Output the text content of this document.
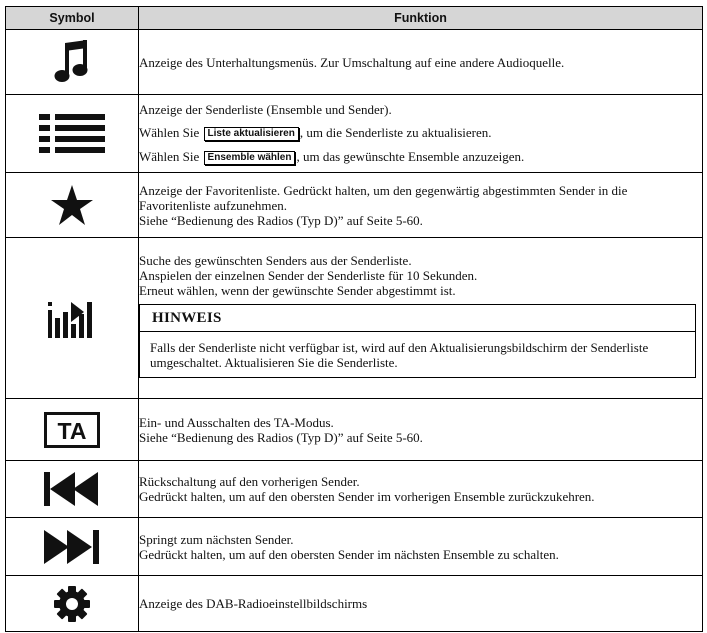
Symbol	Funktion

Anzeige des Unterhaltungsmenüs. Zur Umschaltung auf eine andere Audioquelle.

Anzeige der Senderliste (Ensemble und Sender).
Wählen Sie Liste aktualisieren , um die Senderliste zu aktualisieren.
Wählen Sie Ensemble wählen , um das gewünschte Ensemble anzuzeigen.

Anzeige der Favoritenliste. Gedrückt halten, um den gegenwärtig abgestimmten Sender in die Favoritenliste aufzunehmen.
Siehe “Bedienung des Radios (Typ D)” auf Seite 5-60.

Suche des gewünschten Senders aus der Senderliste.
Anspielen der einzelnen Sender der Senderliste für 10 Sekunden.
Erneut wählen, wenn der gewünschte Sender abgestimmt ist.
HINWEIS
Falls der Senderliste nicht verfügbar ist, wird auf den Aktualisierungsbildschirm der Senderliste umgeschaltet. Aktualisieren Sie die Senderliste.

TA	Ein- und Ausschalten des TA-Modus.
Siehe “Bedienung des Radios (Typ D)” auf Seite 5-60.

Rückschaltung auf den vorherigen Sender.
Gedrückt halten, um auf den obersten Sender im vorherigen Ensemble zurückzukehren.

Springt zum nächsten Sender.
Gedrückt halten, um auf den obersten Sender im nächsten Ensemble zu schalten.

Anzeige des DAB-Radioeinstellbildschirms
